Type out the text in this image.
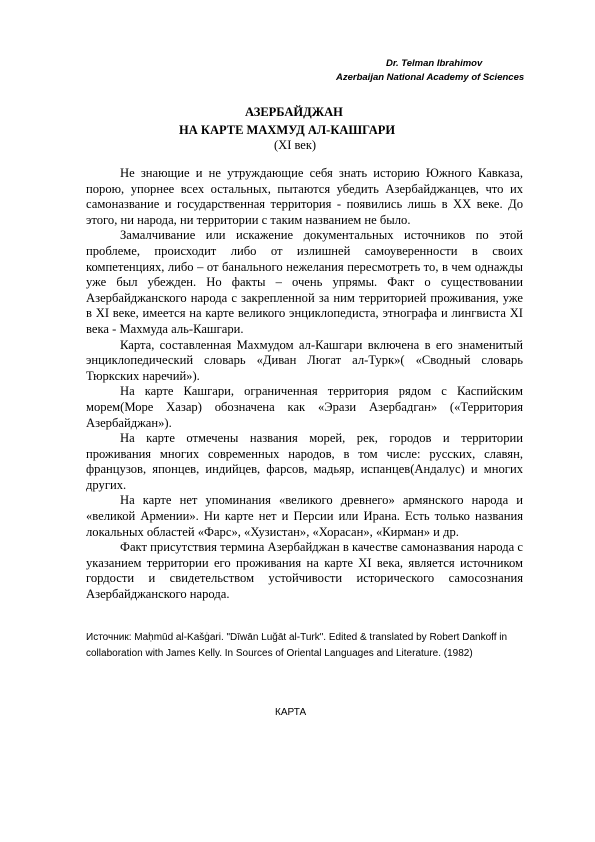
Dr. Telman Ibrahimov
Azerbaijan National Academy of Sciences
АЗЕРБАЙДЖАН
НА КАРТЕ МАХМУД АЛ-КАШГАРИ
(XI век)

Не знающие и не утруждающие себя знать историю Южного Кавказа, порою, упорнее всех остальных, пытаются убедить Азербайджанцев, что их самоназвание и государственная территория - появились лишь в ХХ веке. До этого, ни народа, ни территории с таким названием не было.

Замалчивание или искажение документальных источников по этой проблеме, происходит либо от излишней самоуверенности в своих компетенциях, либо – от банального нежелания пересмотреть то, в чем однажды уже был убежден. Но факты – очень упрямы. Факт о существовании Азербайджанского народа с закрепленной за ним территорией проживания, уже в XI веке, имеется на карте великого энциклопедиста, этнографа и лингвиста XI века - Махмуда аль-Кашгари.

Карта, составленная Махмудом ал-Кашгари включена в его знаменитый энциклопедический словарь «Диван Люгат ал-Турк»( «Сводный словарь Тюркских наречий»).

На карте Кашгари, ограниченная территория рядом с Каспийским морем(Море Хазар) обозначена как «Эрази Азербадган» («Территория Азербайджан»).

На карте отмечены названия морей, рек, городов и территории проживания многих современных народов, в том числе: русских, славян, французов, японцев, индийцев, фарсов, мадьяр, испанцев(Андалус) и многих других.

На карте нет упоминания «великого древнего» армянского народа и «великой Армении». Ни карте нет и Персии или Ирана. Есть только названия локальных областей «Фарс», «Хузистан», «Хорасан», «Кирман» и др.

Факт присутствия термина Азербайджан в качестве самоназвания народа с указанием территории его проживания на карте XI века, является источником гордости и свидетельством устойчивости исторического самосознания Азербайджанского народа.

Источник: Maḥmūd al-Kašġari. "Dīwān Luğāt al-Turk". Edited & translated by Robert Dankoff in collaboration with James Kelly. In Sources of Oriental Languages and Literature. (1982)
КАРТА
